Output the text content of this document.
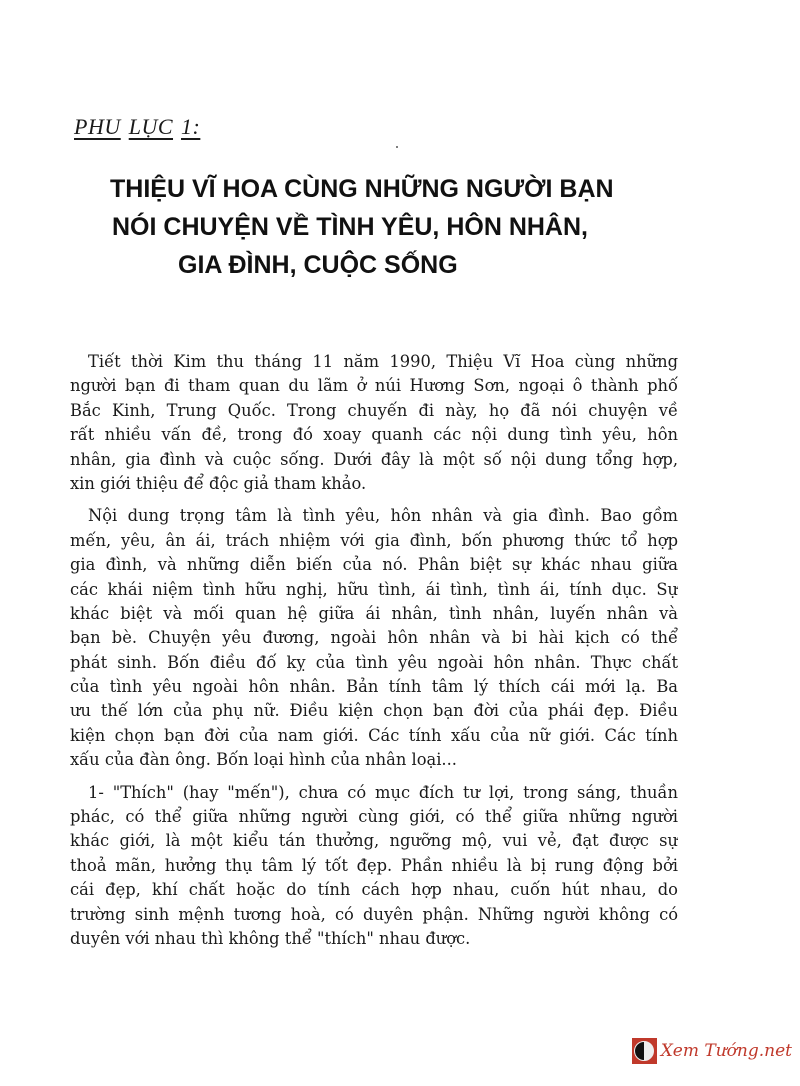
PHU LỤC 1:
THIỆU VĨ HOA CÙNG NHỮNG NGƯỜI BẠN
NÓI CHUYỆN VỀ TÌNH YÊU, HÔN NHÂN,
GIA ĐÌNH, CUỘC SỐNG
Tiết thời Kim thu tháng 11 năm 1990, Thiệu Vĩ Hoa cùng những
người bạn đi tham quan du lãm ở núi Hương Sơn, ngoại ô thành phố
Bắc Kinh, Trung Quốc. Trong chuyến đi này, họ đã nói chuyện về
rất nhiều vấn đề, trong đó xoay quanh các nội dung tình yêu, hôn
nhân, gia đình và cuộc sống. Dưới đây là một số nội dung tổng hợp,
xin giới thiệu để độc giả tham khảo.
Nội dung trọng tâm là tình yêu, hôn nhân và gia đình. Bao gồm
mến, yêu, ân ái, trách nhiệm với gia đình, bốn phương thức tổ hợp
gia đình, và những diễn biến của nó. Phân biệt sự khác nhau giữa
các khái niệm tình hữu nghị, hữu tình, ái tình, tình ái, tính dục. Sự
khác biệt và mối quan hệ giữa ái nhân, tình nhân, luyến nhân và
bạn bè. Chuyện yêu đương, ngoài hôn nhân và bi hài kịch có thể
phát sinh. Bốn điều đố kỵ của tình yêu ngoài hôn nhân. Thực chất
của tình yêu ngoài hôn nhân. Bản tính tâm lý thích cái mới lạ. Ba
ưu thế lớn của phụ nữ. Điều kiện chọn bạn đời của phái đẹp. Điều
kiện chọn bạn đời của nam giới. Các tính xấu của nữ giới. Các tính
xấu của đàn ông. Bốn loại hình của nhân loại...
1- "Thích" (hay "mến"), chưa có mục đích tư lợi, trong sáng, thuần
phác, có thể giữa những người cùng giới, có thể giữa những người
khác giới, là một kiểu tán thưởng, ngưỡng mộ, vui vẻ, đạt được sự
thoả mãn, hưởng thụ tâm lý tốt đẹp. Phần nhiều là bị rung động bởi
cái đẹp, khí chất hoặc do tính cách hợp nhau, cuốn hút nhau, do
trường sinh mệnh tương hoà, có duyên phận. Những người không có
duyên với nhau thì không thể "thích" nhau được.
Xem Tướng.net
